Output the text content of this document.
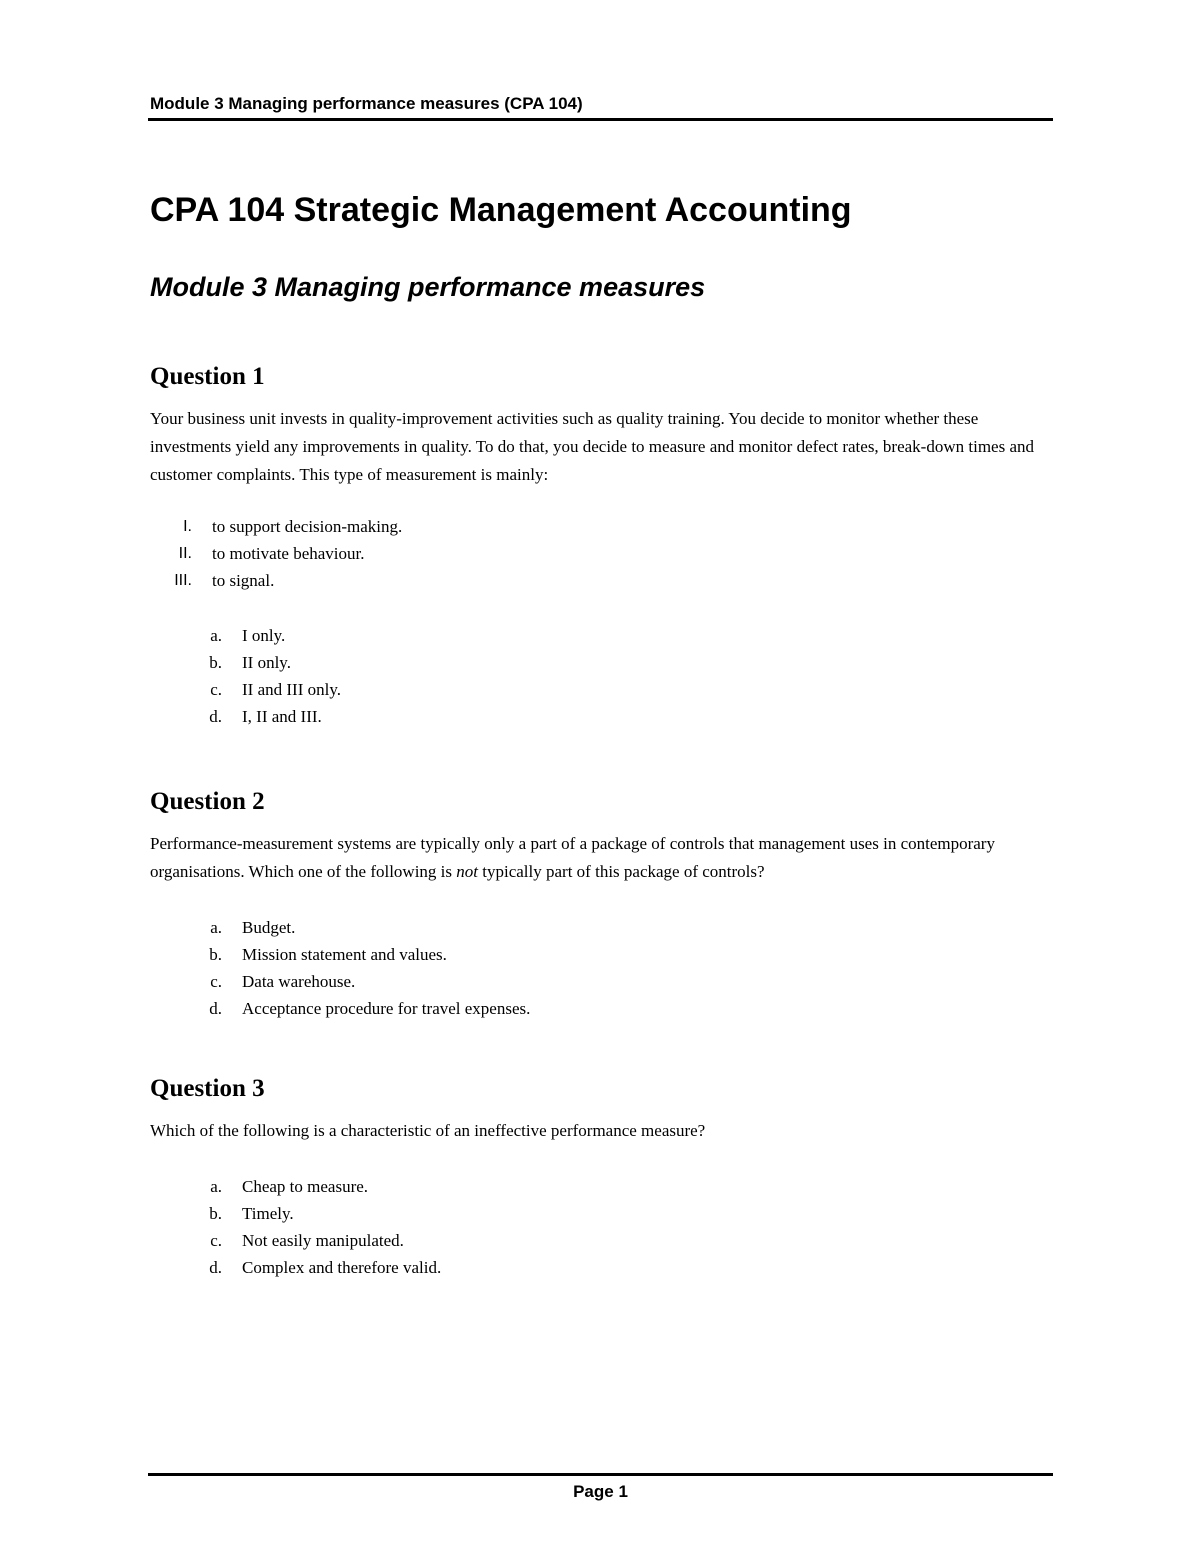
Module 3 Managing performance measures (CPA 104)
CPA 104 Strategic Management Accounting
Module 3 Managing performance measures
Question 1

Your business unit invests in quality-improvement activities such as quality training. You decide to monitor whether these investments yield any improvements in quality. To do that, you decide to measure and monitor defect rates, break-down times and customer complaints. This type of measurement is mainly:

I.	to support decision-making.
II.	to motivate behaviour.
III.	to signal.
a.	I only.
b.	II only.
c.	II and III only.
d.	I, II and III.
Question 2

Performance-measurement systems are typically only a part of a package of controls that management uses in contemporary organisations. Which one of the following is not typically part of this package of controls?

a.	Budget.
b.	Mission statement and values.
c.	Data warehouse.
d.	Acceptance procedure for travel expenses.
Question 3

Which of the following is a characteristic of an ineffective performance measure?

a.	Cheap to measure.
b.	Timely.
c.	Not easily manipulated.
d.	Complex and therefore valid.
Page 1
